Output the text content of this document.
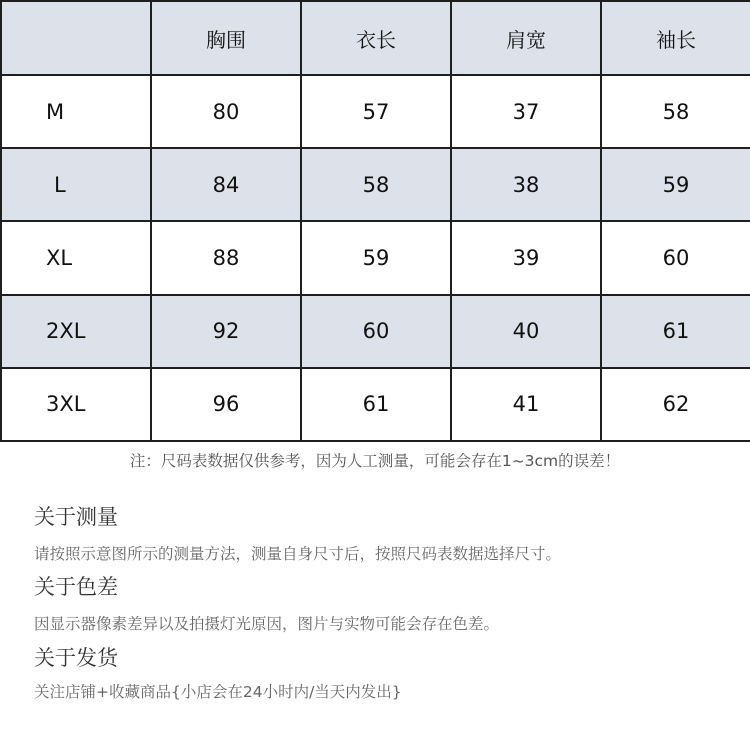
	胸围	衣长	肩宽	袖长
M	80	57	37	58
L	84	58	38	59
XL	88	59	39	60
2XL	92	60	40	61
3XL	96	61	41	62
注：尺码表数据仅供参考，因为人工测量，可能会存在1~3cm的误差！
关于测量
请按照示意图所示的测量方法，测量自身尺寸后，按照尺码表数据选择尺寸。
关于色差
因显示器像素差异以及拍摄灯光原因，图片与实物可能会存在色差。
关于发货
关注店铺+收藏商品{小店会在24小时内/当天内发出}
